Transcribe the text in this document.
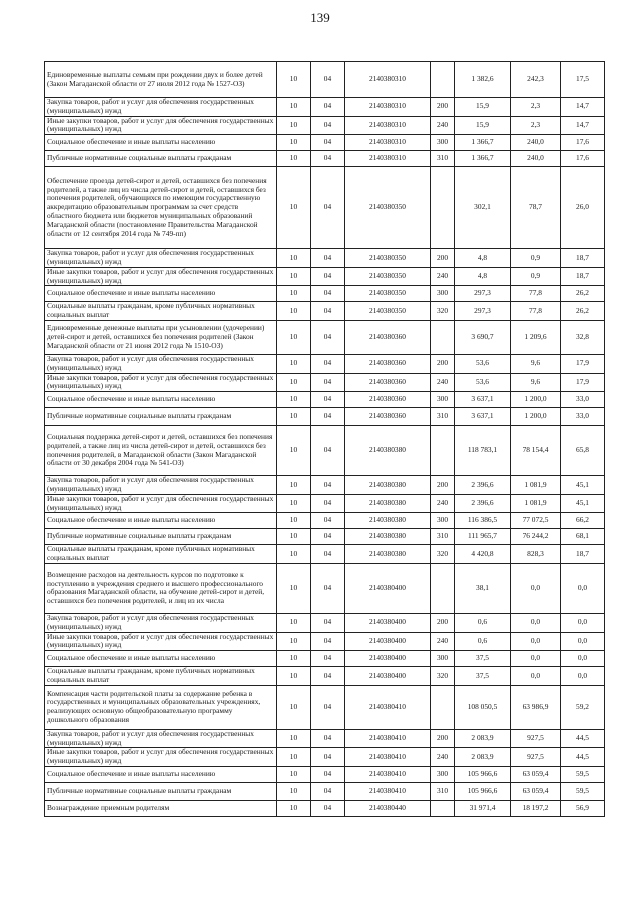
139
Единовременные выплаты семьям при рождении двух и более детей (Закон Магаданской области от 27 июля 2012 года № 1527-ОЗ)	10	04	2140380310		1 382,6	242,3	17,5
Закупка товаров, работ и услуг для обеспечения государственных (муниципальных) нужд	10	04	2140380310	200	15,9	2,3	14,7
Иные закупки товаров, работ и услуг для обеспечения государственных (муниципальных) нужд	10	04	2140380310	240	15,9	2,3	14,7
Социальное обеспечение и иные выплаты населению	10	04	2140380310	300	1 366,7	240,0	17,6
Публичные нормативные социальные выплаты гражданам	10	04	2140380310	310	1 366,7	240,0	17,6
Обеспечение проезда детей-сирот и детей, оставшихся без попечения родителей, а также лиц из числа детей-сирот и детей, оставшихся без попечения родителей, обучающихся по имеющим государственную аккредитацию образовательным программам за счет средств областного бюджета или бюджетов муниципальных образований Магаданской области (постановление Правительства Магаданской области от 12 сентября 2014 года № 749-пп)	10	04	2140380350		302,1	78,7	26,0
Закупка товаров, работ и услуг для обеспечения государственных (муниципальных) нужд	10	04	2140380350	200	4,8	0,9	18,7
Иные закупки товаров, работ и услуг для обеспечения государственных (муниципальных) нужд	10	04	2140380350	240	4,8	0,9	18,7
Социальное обеспечение и иные выплаты населению	10	04	2140380350	300	297,3	77,8	26,2
Социальные выплаты гражданам, кроме публичных нормативных социальных выплат	10	04	2140380350	320	297,3	77,8	26,2
Единовременные денежные выплаты при усыновлении (удочерении) детей-сирот и детей, оставшихся без попечения родителей (Закон Магаданской области от 21 июня 2012 года № 1510-ОЗ)	10	04	2140380360		3 690,7	1 209,6	32,8
Закупка товаров, работ и услуг для обеспечения государственных (муниципальных) нужд	10	04	2140380360	200	53,6	9,6	17,9
Иные закупки товаров, работ и услуг для обеспечения государственных (муниципальных) нужд	10	04	2140380360	240	53,6	9,6	17,9
Социальное обеспечение и иные выплаты населению	10	04	2140380360	300	3 637,1	1 200,0	33,0
Публичные нормативные социальные выплаты гражданам	10	04	2140380360	310	3 637,1	1 200,0	33,0
Социальная поддержка детей-сирот и детей, оставшихся без попечения родителей, а также лиц из числа детей-сирот и детей, оставшихся без попечения родителей, в Магаданской области (Закон Магаданской области от 30 декабря 2004 года № 541-ОЗ)	10	04	2140380380		118 783,1	78 154,4	65,8
Закупка товаров, работ и услуг для обеспечения государственных (муниципальных) нужд	10	04	2140380380	200	2 396,6	1 081,9	45,1
Иные закупки товаров, работ и услуг для обеспечения государственных (муниципальных) нужд	10	04	2140380380	240	2 396,6	1 081,9	45,1
Социальное обеспечение и иные выплаты населению	10	04	2140380380	300	116 386,5	77 072,5	66,2
Публичные нормативные социальные выплаты гражданам	10	04	2140380380	310	111 965,7	76 244,2	68,1
Социальные выплаты гражданам, кроме публичных нормативных социальных выплат	10	04	2140380380	320	4 420,8	828,3	18,7
Возмещение расходов на деятельность курсов по подготовке к поступлению в учреждения среднего и высшего профессионального образования Магаданской области, на обучение детей-сирот и детей, оставшихся без попечения родителей, и лиц из их числа	10	04	2140380400		38,1	0,0	0,0
Закупка товаров, работ и услуг для обеспечения государственных (муниципальных) нужд	10	04	2140380400	200	0,6	0,0	0,0
Иные закупки товаров, работ и услуг для обеспечения государственных (муниципальных) нужд	10	04	2140380400	240	0,6	0,0	0,0
Социальное обеспечение и иные выплаты населению	10	04	2140380400	300	37,5	0,0	0,0
Социальные выплаты гражданам, кроме публичных нормативных социальных выплат	10	04	2140380400	320	37,5	0,0	0,0
Компенсация части родительской платы за содержание ребенка в государственных и муниципальных образовательных учреждениях, реализующих основную общеобразовательную программу дошкольного образования	10	04	2140380410		108 050,5	63 986,9	59,2
Закупка товаров, работ и услуг для обеспечения государственных (муниципальных) нужд	10	04	2140380410	200	2 083,9	927,5	44,5
Иные закупки товаров, работ и услуг для обеспечения государственных (муниципальных) нужд	10	04	2140380410	240	2 083,9	927,5	44,5
Социальное обеспечение и иные выплаты населению	10	04	2140380410	300	105 966,6	63 059,4	59,5
Публичные нормативные социальные выплаты гражданам	10	04	2140380410	310	105 966,6	63 059,4	59,5
Вознаграждение приемным родителям	10	04	2140380440		31 971,4	18 197,2	56,9
